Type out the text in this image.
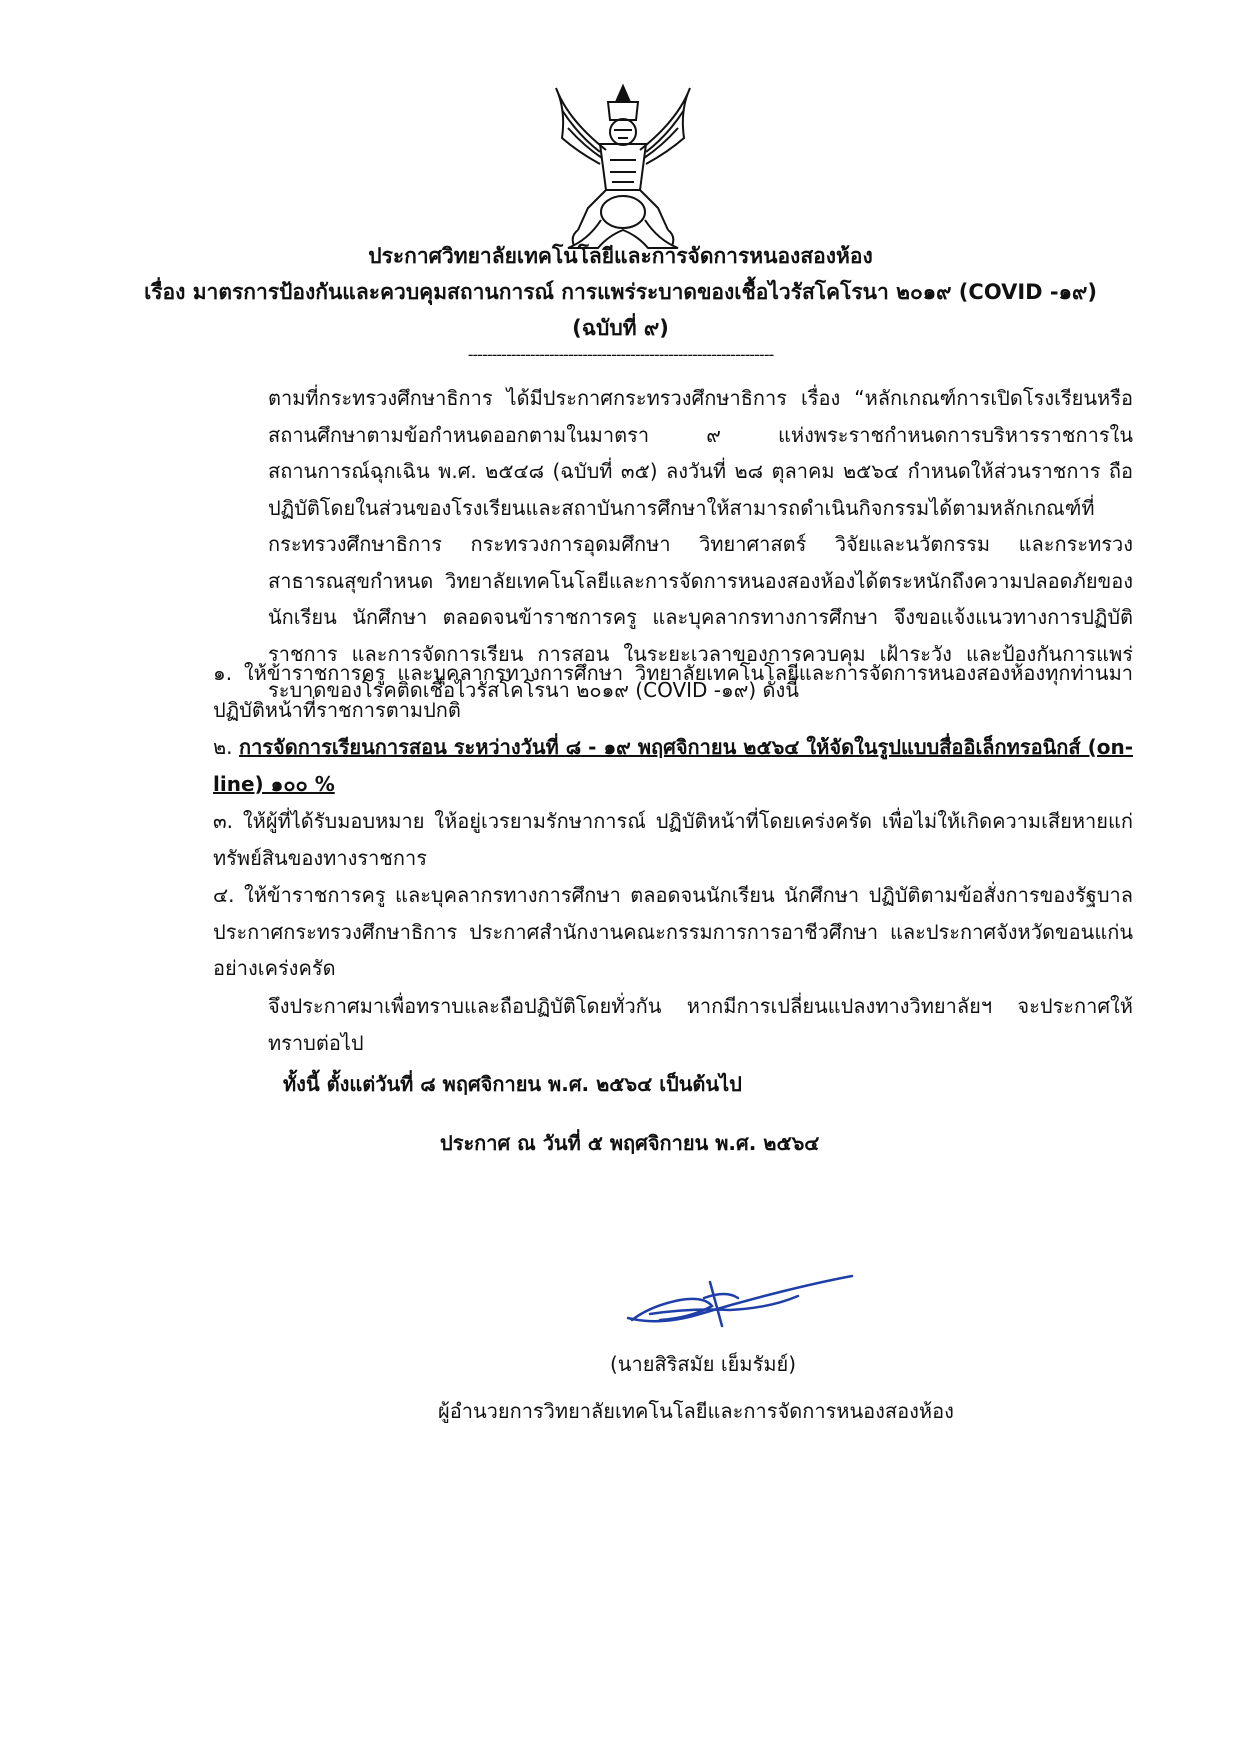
ประกาศวิทยาลัยเทคโนโลยีและการจัดการหนองสองห้อง
เรื่อง มาตรการป้องกันและควบคุมสถานการณ์ การแพร่ระบาดของเชื้อไวรัสโคโรนา ๒๐๑๙ (COVID -๑๙)
(ฉบับที่ ๙)
----------------------------------------------------------------
ตามที่กระทรวงศึกษาธิการ ได้มีประกาศกระทรวงศึกษาธิการ เรื่อง “หลักเกณฑ์การเปิดโรงเรียนหรือสถานศึกษาตามข้อกำหนดออกตามในมาตรา ๙ แห่งพระราชกำหนดการบริหารราชการในสถานการณ์ฉุกเฉิน พ.ศ. ๒๕๔๘ (ฉบับที่ ๓๕) ลงวันที่ ๒๘ ตุลาคม ๒๕๖๔ กำหนดให้ส่วนราชการ ถือปฏิบัติโดยในส่วนของโรงเรียนและสถาบันการศึกษาให้สามารถดำเนินกิจกรรมได้ตามหลักเกณฑ์ที่กระทรวงศึกษาธิการ กระทรวงการอุดมศึกษา วิทยาศาสตร์ วิจัยและนวัตกรรม และกระทรวงสาธารณสุขกำหนด วิทยาลัยเทคโนโลยีและการจัดการหนองสองห้องได้ตระหนักถึงความปลอดภัยของนักเรียน นักศึกษา ตลอดจนข้าราชการครู และบุคลากรทางการศึกษา จึงขอแจ้งแนวทางการปฏิบัติราชการ และการจัดการเรียน การสอน ในระยะเวลาของการควบคุม เฝ้าระวัง และป้องกันการแพร่ระบาดของโรคติดเชื้อไวรัสโคโรนา ๒๐๑๙ (COVID -๑๙) ดังนี้
๑. ให้ข้าราชการครู และบุคลากรทางการศึกษา วิทยาลัยเทคโนโลยีและการจัดการหนองสองห้องทุกท่านมาปฏิบัติหน้าที่ราชการตามปกติ
๒. การจัดการเรียนการสอน ระหว่างวันที่ ๘ - ๑๙ พฤศจิกายน ๒๕๖๔ ให้จัดในรูปแบบสื่ออิเล็กทรอนิกส์ (on-line) ๑๐๐ %
๓. ให้ผู้ที่ได้รับมอบหมาย ให้อยู่เวรยามรักษาการณ์ ปฏิบัติหน้าที่โดยเคร่งครัด เพื่อไม่ให้เกิดความเสียหายแก่ทรัพย์สินของทางราชการ
๔. ให้ข้าราชการครู และบุคลากรทางการศึกษา ตลอดจนนักเรียน นักศึกษา ปฏิบัติตามข้อสั่งการของรัฐบาล ประกาศกระทรวงศึกษาธิการ ประกาศสำนักงานคณะกรรมการการอาชีวศึกษา และประกาศจังหวัดขอนแก่นอย่างเคร่งครัด
จึงประกาศมาเพื่อทราบและถือปฏิบัติโดยทั่วกัน หากมีการเปลี่ยนแปลงทางวิทยาลัยฯ จะประกาศให้ทราบต่อไป
ทั้งนี้ ตั้งแต่วันที่ ๘ พฤศจิกายน พ.ศ. ๒๕๖๔ เป็นต้นไป
ประกาศ ณ วันที่ ๕ พฤศจิกายน พ.ศ. ๒๕๖๔
(นายสิริสมัย เย็มรัมย์)
ผู้อำนวยการวิทยาลัยเทคโนโลยีและการจัดการหนองสองห้อง
